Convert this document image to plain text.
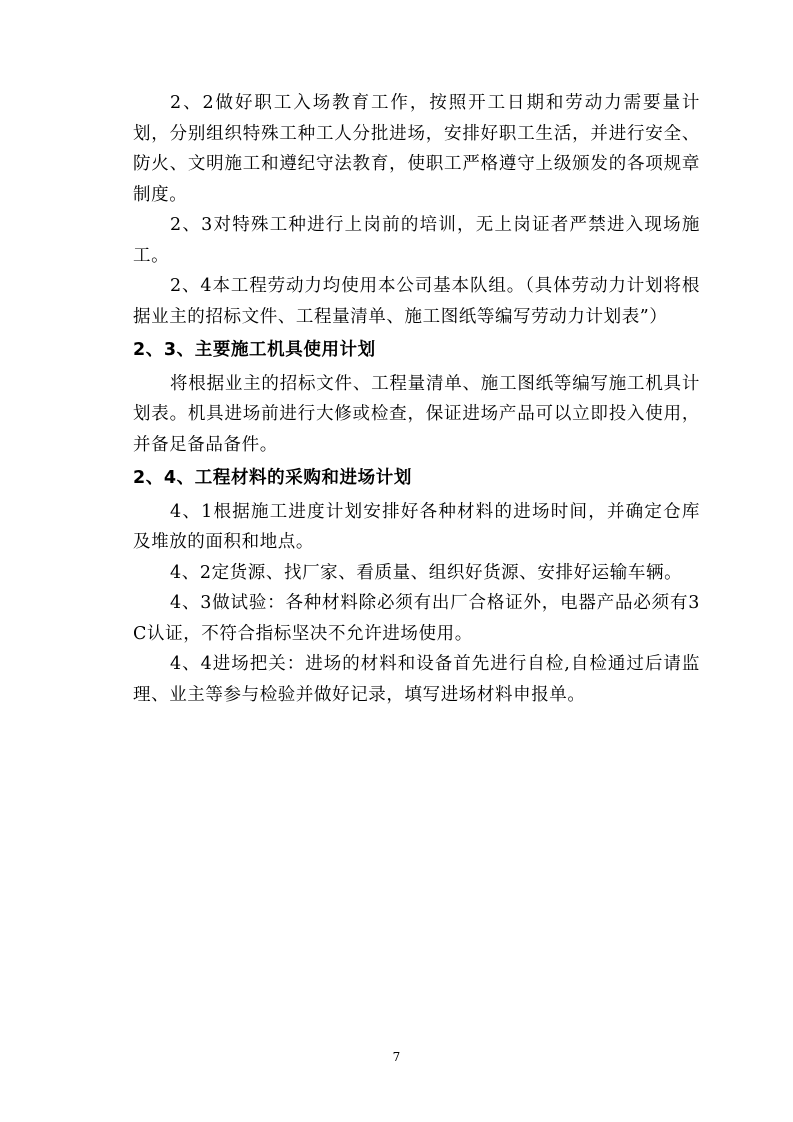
2、2做好职工入场教育工作，按照开工日期和劳动力需要量计划，分别组织特殊工种工人分批进场，安排好职工生活，并进行安全、防火、文明施工和遵纪守法教育，使职工严格遵守上级颁发的各项规章制度。

2、3对特殊工种进行上岗前的培训，无上岗证者严禁进入现场施工。

2、4本工程劳动力均使用本公司基本队组。（具体劳动力计划将根据业主的招标文件、工程量清单、施工图纸等编写劳动力计划表”）

2、3、主要施工机具使用计划

将根据业主的招标文件、工程量清单、施工图纸等编写施工机具计划表。机具进场前进行大修或检查，保证进场产品可以立即投入使用，并备足备品备件。

2、4、工程材料的采购和进场计划

4、1根据施工进度计划安排好各种材料的进场时间，并确定仓库及堆放的面积和地点。

4、2定货源、找厂家、看质量、组织好货源、安排好运输车辆。

4、3做试验：各种材料除必须有出厂合格证外，电器产品必须有3C认证，不符合指标坚决不允许进场使用。

4、4进场把关：进场的材料和设备首先进行自检,自检通过后请监理、业主等参与检验并做好记录，填写进场材料申报单。

7
